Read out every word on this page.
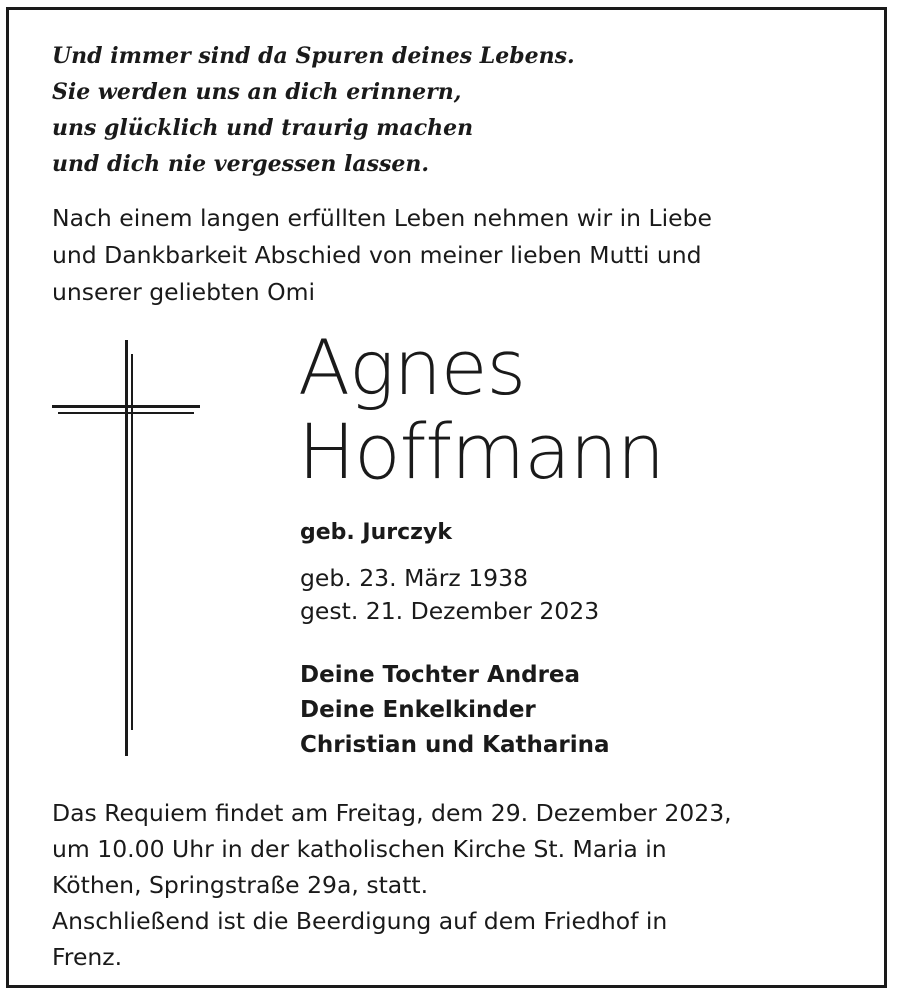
Und immer sind da Spuren deines Lebens.
Sie werden uns an dich erinnern,
uns glücklich und traurig machen
und dich nie vergessen lassen.
Nach einem langen erfüllten Leben nehmen wir in Liebe
und Dankbarkeit Abschied von meiner lieben Mutti und
unserer geliebten Omi
Agnes
Hoffmann
geb. Jurczyk
geb. 23. März 1938
gest. 21. Dezember 2023
Deine Tochter Andrea
Deine Enkelkinder
Christian und Katharina
Das Requiem findet am Freitag, dem 29. Dezember 2023,
um 10.00 Uhr in der katholischen Kirche St. Maria in
Köthen, Springstraße 29a, statt.
Anschließend ist die Beerdigung auf dem Friedhof in
Frenz.
